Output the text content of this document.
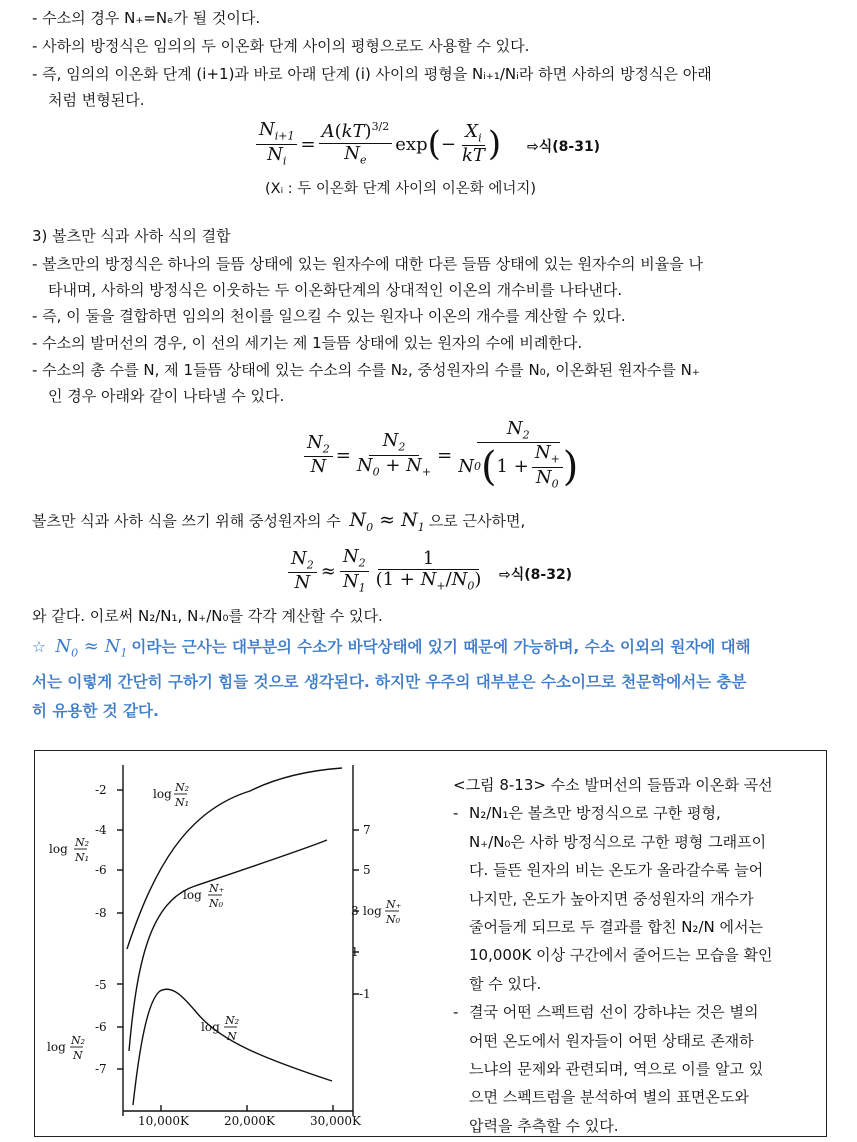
- 수소의 경우 N₊=Nₑ가 될 것이다.
- 사하의 방정식은 임의의 두 이온화 단계 사이의 평형으로도 사용할 수 있다.
- 즉, 임의의 이온화 단계 (i+1)과 바로 아래 단계 (i) 사이의 평형을 Nᵢ₊₁/Nᵢ라 하면 사하의 방정식은 아래
처럼 변형된다.
$\frac{N_{i+1}}{N_i} = \frac{A(kT)^{3/2}}{N_e}$ exp ( − $\frac{X_i}{kT}$ ) ⇨식(8-31)
(Xᵢ : 두 이온화 단계 사이의 이온화 에너지)
3) 볼츠만 식과 사하 식의 결합
- 볼츠만의 방정식은 하나의 들뜸 상태에 있는 원자수에 대한 다른 들뜸 상태에 있는 원자수의 비율을 나
타내며, 사하의 방정식은 이웃하는 두 이온화단계의 상대적인 이온의 개수비를 나타낸다.
- 즉, 이 둘을 결합하면 임의의 천이를 일으킬 수 있는 원자나 이온의 개수를 계산할 수 있다.
- 수소의 발머선의 경우, 이 선의 세기는 제 1들뜸 상태에 있는 원자의 수에 비례한다.
- 수소의 총 수를 N, 제 1들뜸 상태에 있는 수소의 수를 N₂, 중성원자의 수를 N₀, 이온화된 원자수를 N₊
인 경우 아래와 같이 나타낼 수 있다.
$\frac{N_2}{N} = \frac{N_2}{N_0 + N_+} = \frac{N_2}{N 0 ( 1 + \frac{N_+}{N_0} )}$
볼츠만 식과 사하 식을 쓰기 위해 중성원자의 수 $N_0 \approx N_1$ 으로 근사하면,
$\frac{N_2}{N} \approx \frac{N_2}{N_1} \frac{1}{(1 + N_+/N_0)}$ ⇨식(8-32)
와 같다. 이로써 N₂/N₁, N₊/N₀를 각각 계산할 수 있다.
☆ $N_0 \approx N_1$ 이라는 근사는 대부분의 수소가 바닥상태에 있기 때문에 가능하며, 수소 이외의 원자에 대해
서는 이렇게 간단히 구하기 힘들 것으로 생각된다. 하지만 우주의 대부분은 수소이므로 천문학에서는 충분
히 유용한 것 같다.
-2
-4
-6
-8
-5
-6
-7
7
5
3
1
-1
10,000K	20,000K	30,000K
log N₂
N₁
log N₂
N₁
log N₊
N₀
log N₊
N₀
log N₂
N
log N₂
N
<그림 8-13> 수소 발머선의 들뜸과 이온화 곡선
- N₂/N₁은 볼츠만 방정식으로 구한 평형,
N₊/N₀은 사하 방정식으로 구한 평형 그래프이
다. 들뜬 원자의 비는 온도가 올라갈수록 늘어
나지만, 온도가 높아지면 중성원자의 개수가
줄어들게 되므로 두 결과를 합친 N₂/N 에서는
10,000K 이상 구간에서 줄어드는 모습을 확인
할 수 있다.
- 결국 어떤 스펙트럼 선이 강하냐는 것은 별의
어떤 온도에서 원자들이 어떤 상태로 존재하
느냐의 문제와 관련되며, 역으로 이를 알고 있
으면 스펙트럼을 분석하여 별의 표면온도와
압력을 추측할 수 있다.
